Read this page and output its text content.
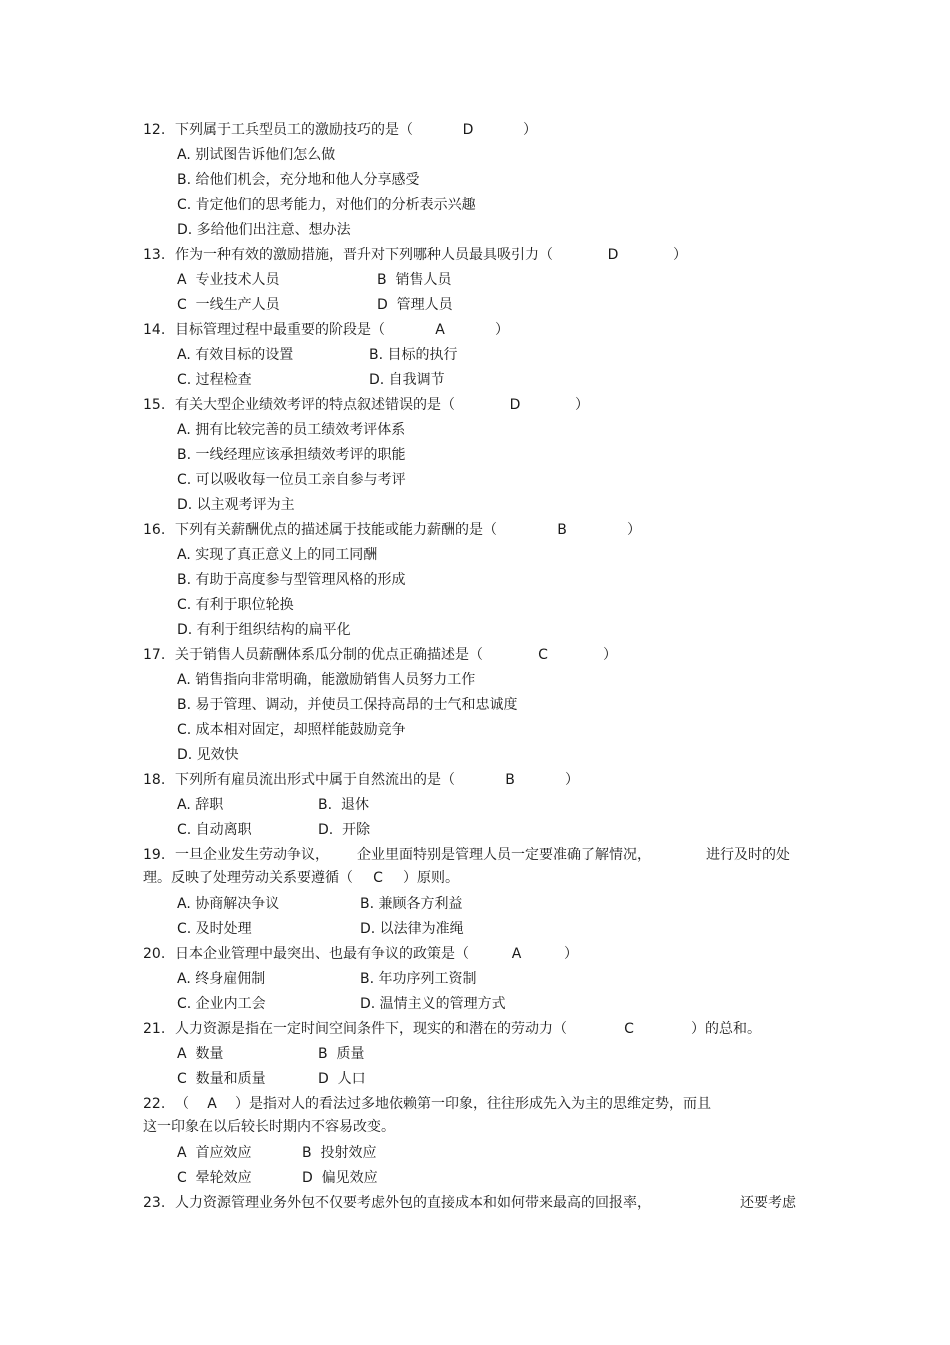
12. 下列属于工兵型员工的激励技巧的是（	D	）
A. 别试图告诉他们怎么做
B. 给他们机会，充分地和他人分享感受
C. 肯定他们的思考能力，对他们的分析表示兴趣
D. 多给他们出注意、想办法
13. 作为一种有效的激励措施，晋升对下列哪种人员最具吸引力（	D	）
A  专业技术人员	B  销售人员
C  一线生产人员	D  管理人员
14. 目标管理过程中最重要的阶段是（	A	）
A. 有效目标的设置	B. 目标的执行
C. 过程检查	D. 自我调节
15. 有关大型企业绩效考评的特点叙述错误的是（	D	）
A. 拥有比较完善的员工绩效考评体系
B. 一线经理应该承担绩效考评的职能
C. 可以吸收每一位员工亲自参与考评
D. 以主观考评为主
16. 下列有关薪酬优点的描述属于技能或能力薪酬的是（	B	）
A. 实现了真正意义上的同工同酬
B. 有助于高度参与型管理风格的形成
C. 有利于职位轮换
D. 有利于组织结构的扁平化
17. 关于销售人员薪酬体系瓜分制的优点正确描述是（	C	）
A. 销售指向非常明确，能激励销售人员努力工作
B. 易于管理、调动，并使员工保持高昂的士气和忠诚度
C. 成本相对固定，却照样能鼓励竞争
D. 见效快
18. 下列所有雇员流出形式中属于自然流出的是（	B	）
A. 辞职	B.  退休
C. 自动离职	D.  开除
19. 一旦企业发生劳动争议， 企业里面特别是管理人员一定要准确了解情况，	进行及时的处
理。反映了处理劳动关系要遵循（ C ）原则。
A. 协商解决争议	B. 兼顾各方利益
C. 及时处理	D. 以法律为准绳
20. 日本企业管理中最突出、也最有争议的政策是（	A	）
A. 终身雇佣制	B. 年功序列工资制
C. 企业内工会	D. 温情主义的管理方式
21. 人力资源是指在一定时间空间条件下，现实的和潜在的劳动力（	C	）的总和。
A  数量	B  质量
C  数量和质量	D  人口
22. （ A ）是指对人的看法过多地依赖第一印象，往往形成先入为主的思维定势，而且
这一印象在以后较长时期内不容易改变。
A  首应效应	B  投射效应
C  晕轮效应	D  偏见效应
23. 人力资源管理业务外包不仅要考虑外包的直接成本和如何带来最高的回报率，	还要考虑
